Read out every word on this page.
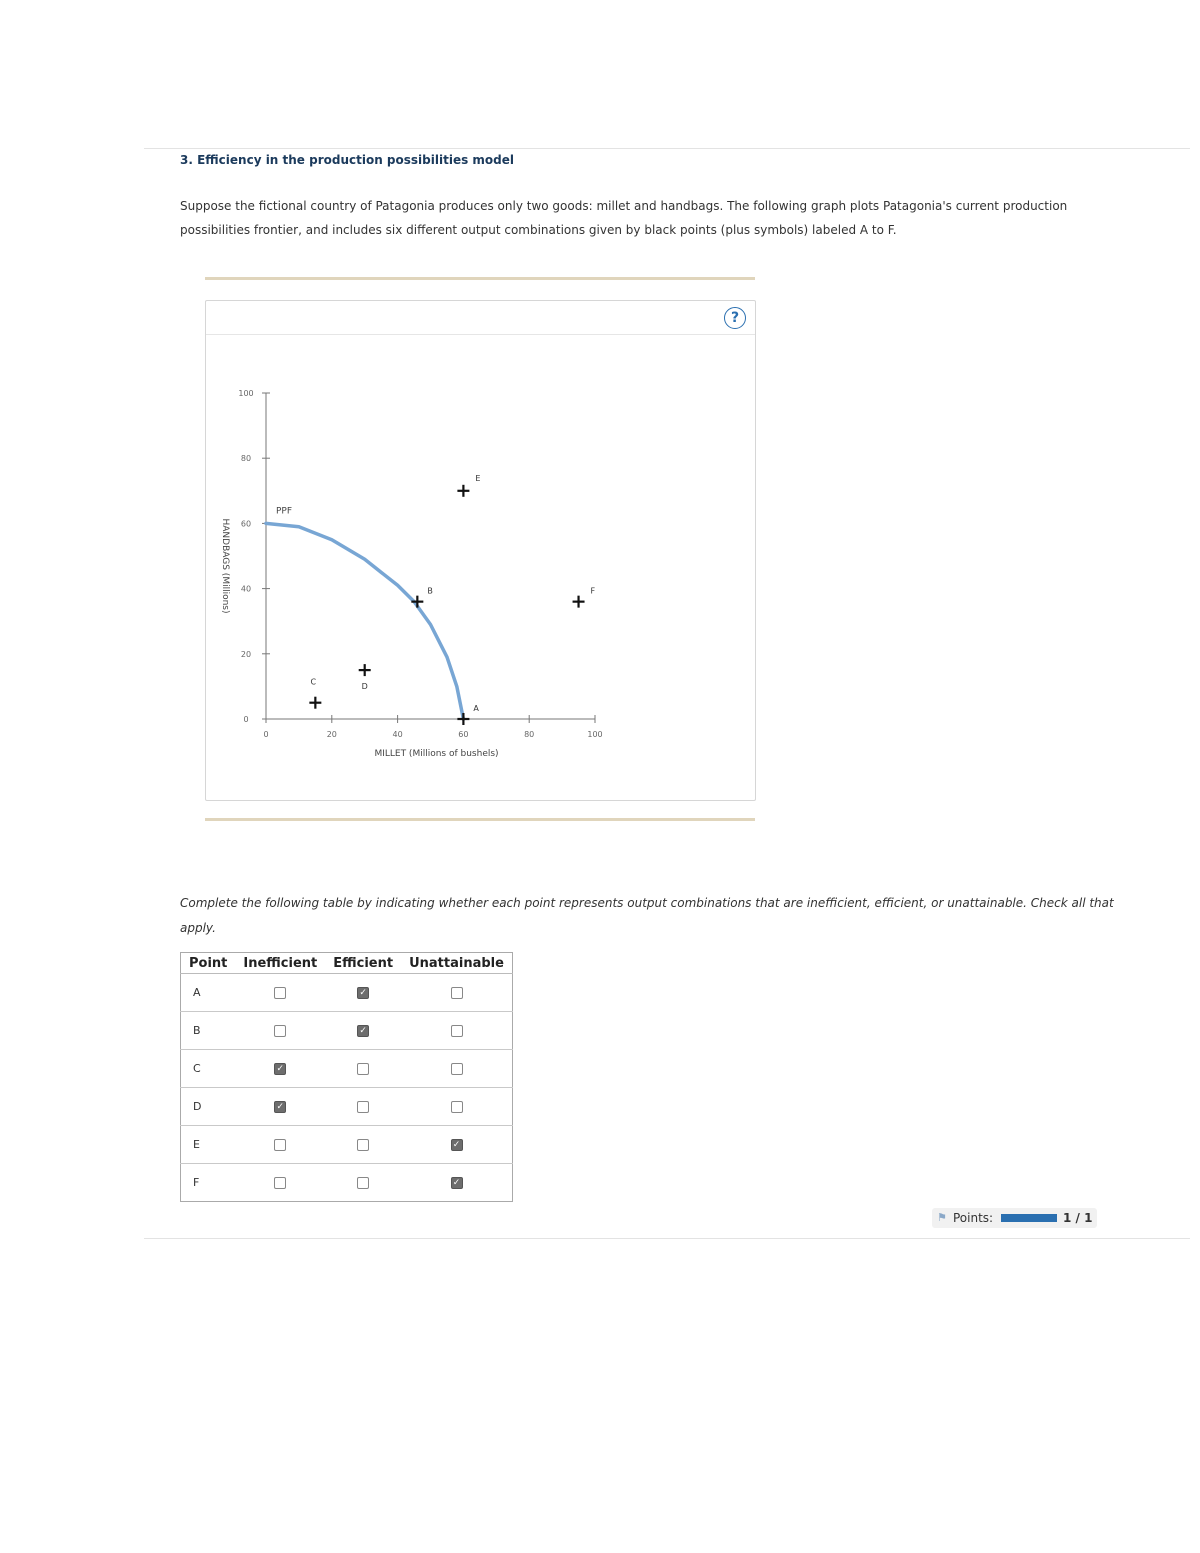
3. Efficiency in the production possibilities model
Suppose the fictional country of Patagonia produces only two goods: millet and handbags. The following graph plots Patagonia's current production possibilities frontier, and includes six different output combinations given by black points (plus symbols) labeled A to F.
?
0	20	40	60	80	100
0
20
40
60
80
100
MILLET (Millions of bushels)
HANDBAGS (Millions)
PPF
A
B
C	D
E
F
Complete the following table by indicating whether each point represents output combinations that are inefficient, efficient, or unattainable. Check all that apply.
Point	Inefficient	Efficient	Unattainable
A		✓	
B		✓	
C	✓		
D	✓		
E			✓
F			✓
⚑ Points:	1 / 1
